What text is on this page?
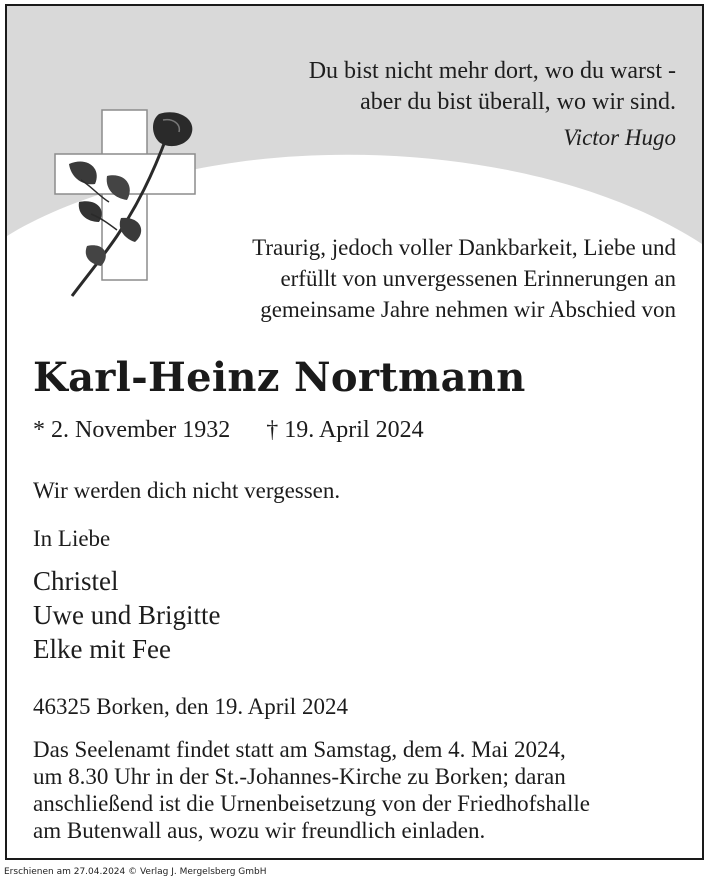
Du bist nicht mehr dort, wo du warst -
aber du bist überall, wo wir sind.
Victor Hugo
Traurig, jedoch voller Dankbarkeit, Liebe und
erfüllt von unvergessenen Erinnerungen an
gemeinsame Jahre nehmen wir Abschied von
Karl-Heinz Nortmann
* 2. November 1932 † 19. April 2024
Wir werden dich nicht vergessen.
In Liebe
Christel
Uwe und Brigitte
Elke mit Fee
46325 Borken, den 19. April 2024
Das Seelenamt findet statt am Samstag, dem 4. Mai 2024,
um 8.30 Uhr in der St.-Johannes-Kirche zu Borken; daran
anschließend ist die Urnenbeisetzung von der Friedhofshalle
am Butenwall aus, wozu wir freundlich einladen.
Erschienen am 27.04.2024 © Verlag J. Mergelsberg GmbH
